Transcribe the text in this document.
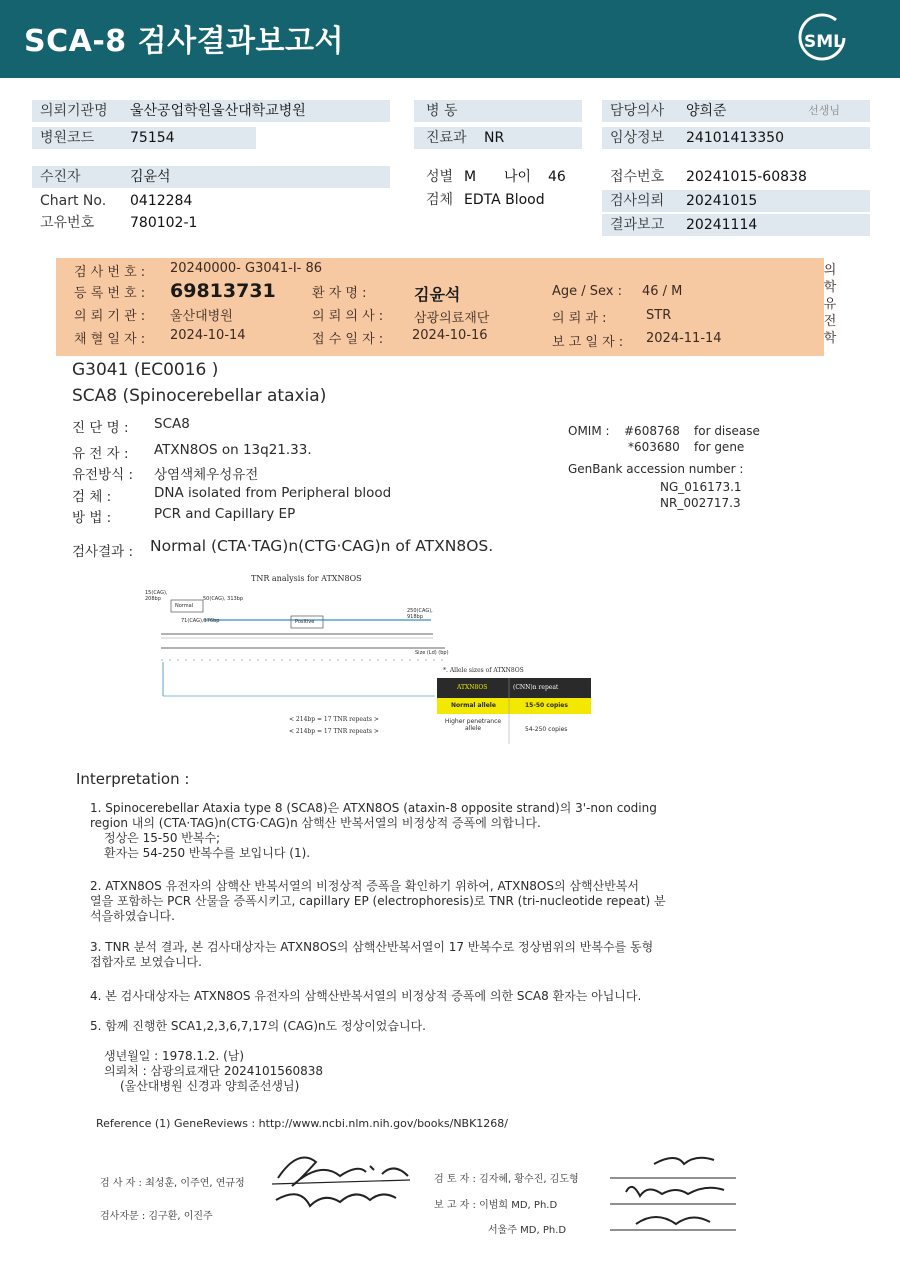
SCA-8 검사결과보고서	SML
의뢰기관명 울산공업학원울산대학교병원
병원코드	75154
병 동
진료과 NR
담당의사 양희준	선생님
임상정보 24101413350
수진자	김윤석
Chart No. 0412284
고유번호	780102-1
성별 M 나이 46
검체 EDTA Blood
접수번호 20241015-60838
검사의뢰 20241015
결과보고 20241114
검 사 번 호 : 20240000- G3041-I- 86
등 록 번 호 : 69813731	환 자 명 :	김윤석	Age / Sex : 46 / M
의 뢰 기 관 : 울산대병원	의 뢰 의 사 : 삼광의료재단	의 뢰 과 :	STR
채 혈 일 자 : 2024-10-14	접 수 일 자 : 2024-10-16	보 고 일 자 : 2024-11-14
의학유전학
G3041 (EC0016 )
SCA8 (Spinocerebellar ataxia)
진 단 명 : SCA8
유 전 자 : ATXN8OS on 13q21.33.
유전방식 : 상염색체우성유전
검 체 :	DNA isolated from Peripheral blood
방 법 :	PCR and Capillary EP
OMIM : #608768 for disease
*603680 for gene
GenBank accession number :
NG_016173.1
NR_002717.3
검사결과 : Normal (CTA·TAG)n(CTG·CAG)n of ATXN8OS.
TNR analysis for ATXN8OS
15(CAG), 208bp
Normal
50(CAG), 313bp
71(CAG),376bp	Positive
250(CAG), 918bp
Size (Ld) (bp)
< 214bp = 17 TNR repeats >
< 214bp = 17 TNR repeats >
*. Allele sizes of ATXN8OS
ATXN8OS	(CNN)n repeat
Normal allele	15-50 copies
Higher penetrance allele	54-250 copies
Interpretation :
1. Spinocerebellar Ataxia type 8 (SCA8)은 ATXN8OS (ataxin-8 opposite strand)의 3'-non coding
region 내의 (CTA·TAG)n(CTG·CAG)n 삼핵산 반복서열의 비정상적 증폭에 의합니다.
정상은 15-50 반복수;
환자는 54-250 반복수를 보입니다 (1).
2. ATXN8OS 유전자의 삼핵산 반복서열의 비정상적 증폭을 확인하기 위하여, ATXN8OS의 삼핵산반복서
열을 포함하는 PCR 산물을 증폭시키고, capillary EP (electrophoresis)로 TNR (tri-nucleotide repeat) 분
석을하였습니다.
3. TNR 분석 결과, 본 검사대상자는 ATXN8OS의 삼핵산반복서열이 17 반복수로 정상범위의 반복수를 동형
접합자로 보였습니다.
4. 본 검사대상자는 ATXN8OS 유전자의 삼핵산반복서열의 비정상적 증폭에 의한 SCA8 환자는 아닙니다.
5. 함께 진행한 SCA1,2,3,6,7,17의 (CAG)n도 정상이었습니다.
생년월일 : 1978.1.2. (남)
의뢰처 : 삼광의료재단 2024101560838
(울산대병원 신경과 양희준선생님)
Reference (1) GeneReviews : http://www.ncbi.nlm.nih.gov/books/NBK1268/
검 사 자 : 최성훈, 이주연, 연규정
검사자문 : 김구환, 이진주
검 토 자 : 김자혜, 황수진, 김도형
보 고 자 : 이범희 MD, Ph.D
서울주 MD, Ph.D
